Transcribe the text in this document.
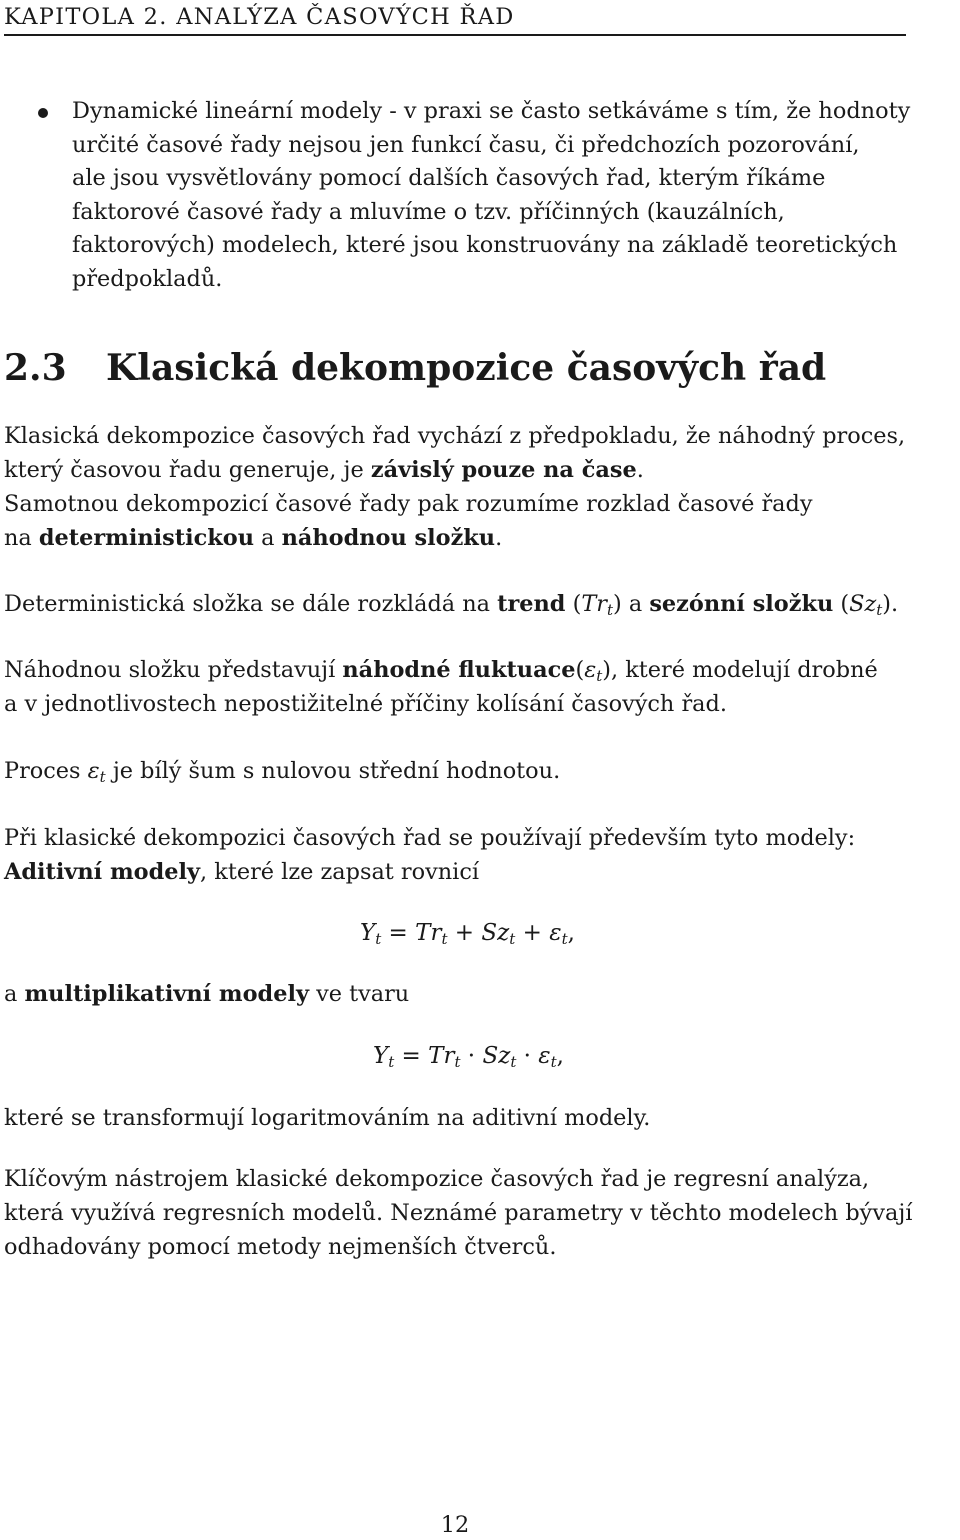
KAPITOLA 2. ANALÝZA ČASOVÝCH ŘAD
Dynamické lineární modely - v praxi se často setkáváme s tím, že hodnoty
určité časové řady nejsou jen funkcí času, či předchozích pozorování,
ale jsou vysvětlovány pomocí dalších časových řad, kterým říkáme
faktorové časové řady a mluvíme o tzv. příčinných (kauzálních,
faktorových) modelech, které jsou konstruovány na základě teoretických
předpokladů.
2.3 Klasická dekompozice časových řad
Klasická dekompozice časových řad vychází z předpokladu, že náhodný proces,
který časovou řadu generuje, je závislý pouze na čase.
Samotnou dekompozicí časové řady pak rozumíme rozklad časové řady
na deterministickou a náhodnou složku.
Deterministická složka se dále rozkládá na trend $(Tr_t)$ a sezónní složku $(Sz_t)$.
Náhodnou složku představují náhodné $fluktuace(\varepsilon_t)$, které modelují drobné
a v jednotlivostech nepostižitelné příčiny kolísání časových řad.
Proces $\varepsilon_t$ je bílý šum s nulovou střední hodnotou.
Při klasické dekompozici časových řad se používají především tyto modely:
Aditivní modely, které lze zapsat rovnicí
$Y_t = Tr_t + Sz_t + \varepsilon_t$,
a multiplikativní modely ve tvaru
$Y_t = Tr_t \cdot Sz_t \cdot \varepsilon_t$,
které se transformují logaritmováním na aditivní modely.
Klíčovým nástrojem klasické dekompozice časových řad je regresní analýza,
která využívá regresních modelů. Neznámé parametry v těchto modelech bývají
odhadovány pomocí metody nejmenších čtverců.
12
